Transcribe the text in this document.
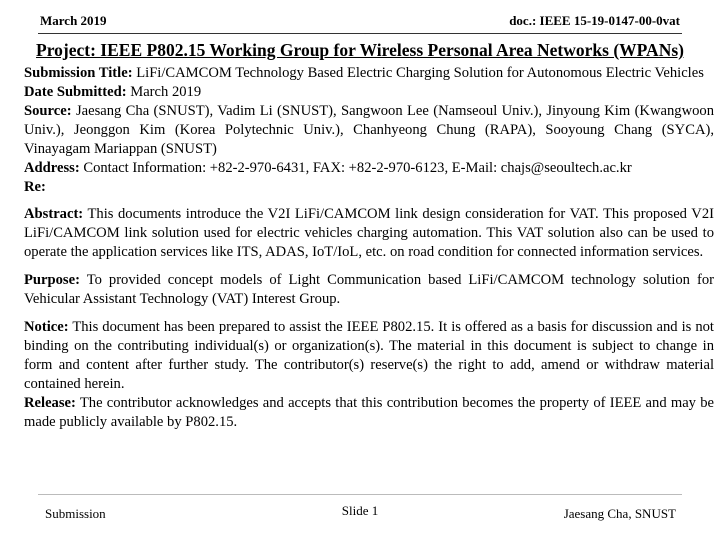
March 2019	doc.: IEEE 15-19-0147-00-0vat
Project: IEEE P802.15 Working Group for Wireless Personal Area Networks (WPANs)

Submission Title: LiFi/CAMCOM Technology Based Electric Charging Solution for Autonomous Electric Vehicles

Date Submitted: March 2019

Source: Jaesang Cha (SNUST), Vadim Li (SNUST), Sangwoon Lee (Namseoul Univ.), Jinyoung Kim (Kwangwoon Univ.), Jeonggon Kim (Korea Polytechnic Univ.), Chanhyeong Chung (RAPA), Sooyoung Chang (SYCA), Vinayagam Mariappan (SNUST)

Address: Contact Information: +82-2-970-6431, FAX: +82-2-970-6123, E-Mail: chajs@seoultech.ac.kr

Re:

Abstract: This documents introduce the V2I LiFi/CAMCOM link design consideration for VAT. This proposed V2I LiFi/CAMCOM link solution used for electric vehicles charging automation. This VAT solution also can be used to operate the application services like ITS, ADAS, IoT/IoL, etc. on road condition for connected information services.

Purpose: To provided concept models of Light Communication based LiFi/CAMCOM technology solution for Vehicular Assistant Technology (VAT) Interest Group.

Notice: This document has been prepared to assist the IEEE P802.15. It is offered as a basis for discussion and is not binding on the contributing individual(s) or organization(s). The material in this document is subject to change in form and content after further study. The contributor(s) reserve(s) the right to add, amend or withdraw material contained herein.

Release: The contributor acknowledges and accepts that this contribution becomes the property of IEEE and may be made publicly available by P802.15.

Submission	Slide 1	Jaesang Cha, SNUST
